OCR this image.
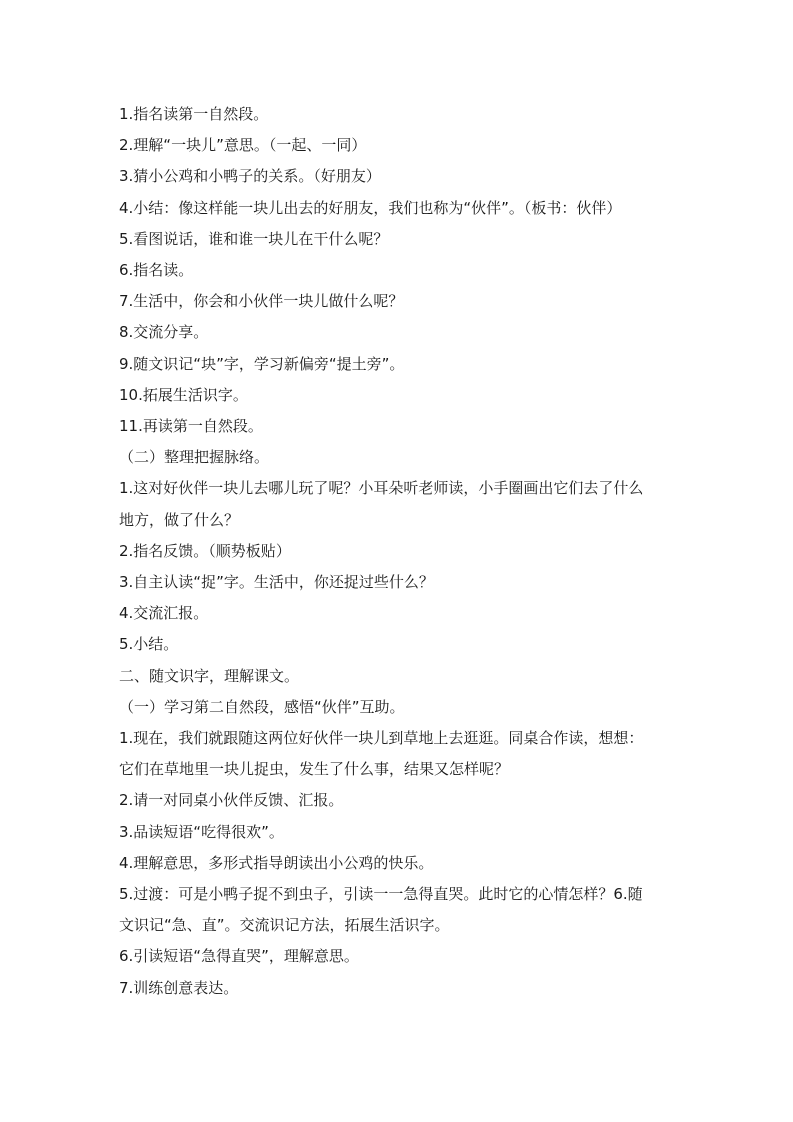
1.指名读第一自然段。
2.理解“一块儿”意思。（一起、一同）
3.猜小公鸡和小鸭子的关系。（好朋友）
4.小结：像这样能一块儿出去的好朋友，我们也称为“伙伴”。（板书：伙伴）
5.看图说话，谁和谁一块儿在干什么呢？
6.指名读。
7.生活中，你会和小伙伴一块儿做什么呢？
8.交流分享。
9.随文识记“块”字，学习新偏旁“提土旁”。
10.拓展生活识字。
11.再读第一自然段。
（二）整理把握脉络。
1.这对好伙伴一块儿去哪儿玩了呢？小耳朵听老师读，小手圈画出它们去了什么
地方，做了什么？
2.指名反馈。（顺势板贴）
3.自主认读“捉”字。生活中，你还捉过些什么？
4.交流汇报。
5.小结。
二、随文识字，理解课文。
（一）学习第二自然段，感悟“伙伴”互助。
1.现在，我们就跟随这两位好伙伴一块儿到草地上去逛逛。同桌合作读，想想：
它们在草地里一块儿捉虫，发生了什么事，结果又怎样呢？
2.请一对同桌小伙伴反馈、汇报。
3.品读短语“吃得很欢”。
4.理解意思，多形式指导朗读出小公鸡的快乐。
5.过渡：可是小鸭子捉不到虫子，引读一一急得直哭。此时它的心情怎样？6.随
文识记“急、直”。交流识记方法，拓展生活识字。
6.引读短语“急得直哭”，理解意思。
7.训练创意表达。
